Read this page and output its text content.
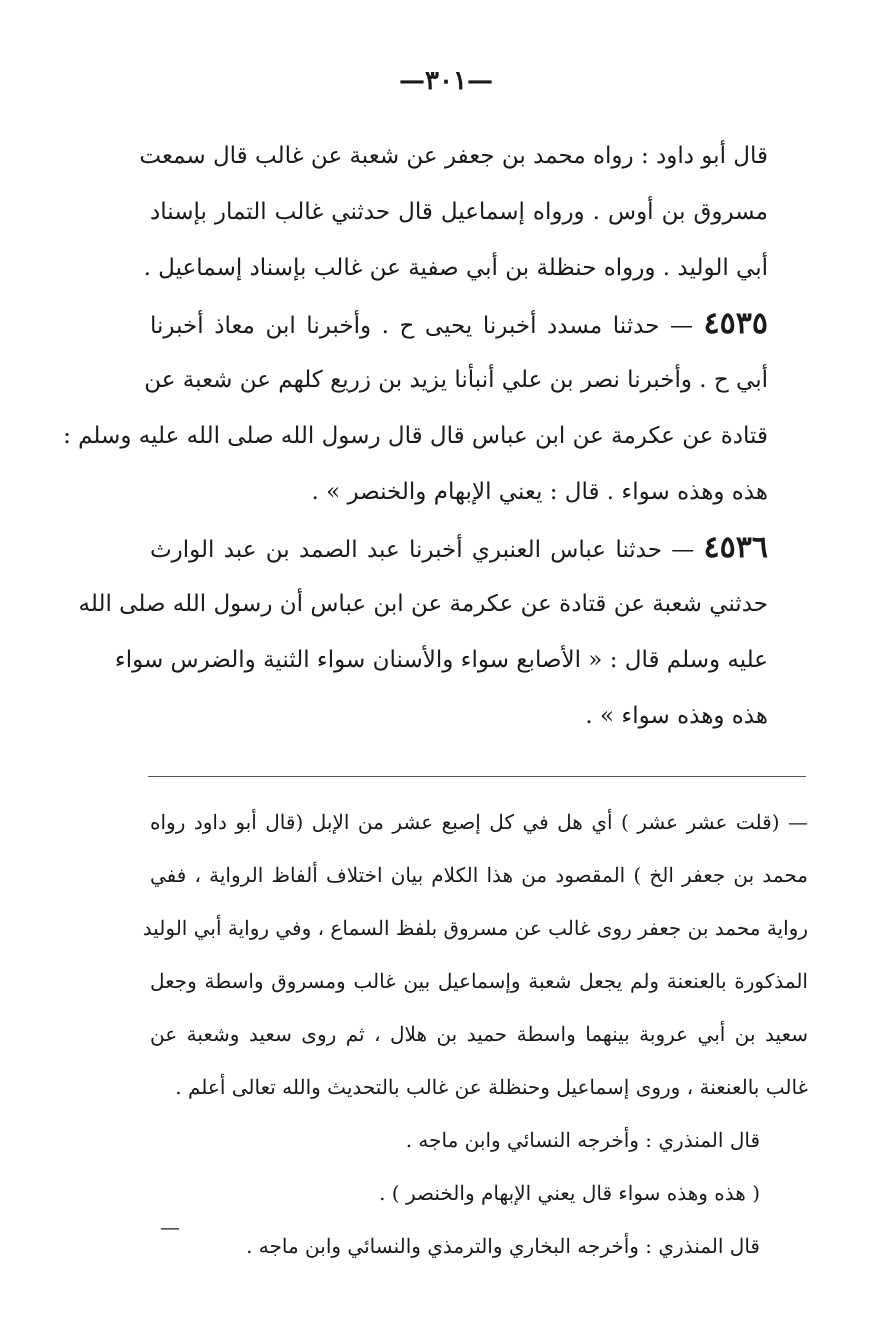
—٣٠١—
قال أبو داود : رواه محمد بن جعفر عن شعبة عن غالب قال سمعت
مسروق بن أوس . ورواه إسماعيل قال حدثني غالب التمار بإسناد
أبي الوليد . ورواه حنظلة بن أبي صفية عن غالب بإسناد إسماعيل .
٤٥٣٥ — حدثنا مسدد أخبرنا يحيى ح . وأخبرنا ابن معاذ أخبرنا
أبي ح . وأخبرنا نصر بن علي أنبأنا يزيد بن زريع كلهم عن شعبة عن
قتادة عن عكرمة عن ابن عباس قال قال رسول الله صلى الله عليه وسلم :
هذه وهذه سواء . قال : يعني الإبهام والخنصر » .
٤٥٣٦ — حدثنا عباس العنبري أخبرنا عبد الصمد بن عبد الوارث
حدثني شعبة عن قتادة عن عكرمة عن ابن عباس أن رسول الله صلى الله
عليه وسلم قال : « الأصابع سواء والأسنان سواء الثنية والضرس سواء
هذه وهذه سواء » .
— (قلت عشر عشر ) أي هل في كل إصبع عشر من الإبل (قال أبو داود رواه
محمد بن جعفر الخ ) المقصود من هذا الكلام بيان اختلاف ألفاظ الرواية ، ففي
رواية محمد بن جعفر روى غالب عن مسروق بلفظ السماع ، وفي رواية أبي الوليد
المذكورة بالعنعنة ولم يجعل شعبة وإسماعيل بين غالب ومسروق واسطة وجعل
سعيد بن أبي عروبة بينهما واسطة حميد بن هلال ، ثم روى سعيد وشعبة عن
غالب بالعنعنة ، وروى إسماعيل وحنظلة عن غالب بالتحديث والله تعالى أعلم .
قال المنذري : وأخرجه النسائي وابن ماجه .
( هذه وهذه سواء قال يعني الإبهام والخنصر ) .
قال المنذري : وأخرجه البخاري والترمذي والنسائي وابن ماجه .
—
